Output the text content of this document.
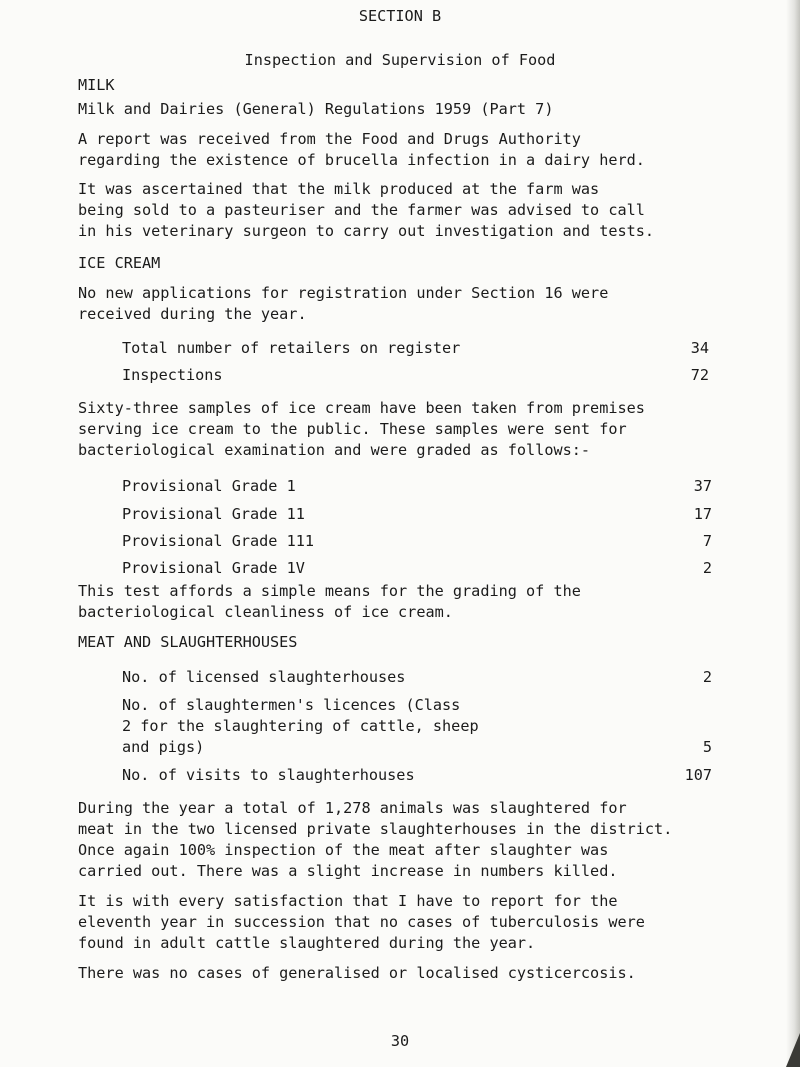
SECTION B

Inspection and Supervision of Food

MILK

Milk and Dairies (General) Regulations 1959 (Part 7)

A report was received from the Food and Drugs Authority

regarding the existence of brucella infection in a dairy herd.

It was ascertained that the milk produced at the farm was

being sold to a pasteuriser and the farmer was advised to call

in his veterinary surgeon to carry out investigation and tests.

ICE CREAM

No new applications for registration under Section 16 were

received during the year.

Total number of retailers on register	34

Inspections	72

Sixty-three samples of ice cream have been taken from premises

serving ice cream to the public. These samples were sent for

bacteriological examination and were graded as follows:-

Provisional Grade 1	37

Provisional Grade 11	17

Provisional Grade 111	7

Provisional Grade 1V	2

This test affords a simple means for the grading of the

bacteriological cleanliness of ice cream.

MEAT AND SLAUGHTERHOUSES

No. of licensed slaughterhouses	2

No. of slaughtermen's licences (Class

2 for the slaughtering of cattle, sheep

and pigs)	5

No. of visits to slaughterhouses	107

During the year a total of 1,278 animals was slaughtered for

meat in the two licensed private slaughterhouses in the district.

Once again 100% inspection of the meat after slaughter was

carried out. There was a slight increase in numbers killed.

It is with every satisfaction that I have to report for the

eleventh year in succession that no cases of tuberculosis were

found in adult cattle slaughtered during the year.

There was no cases of generalised or localised cysticercosis.

30
